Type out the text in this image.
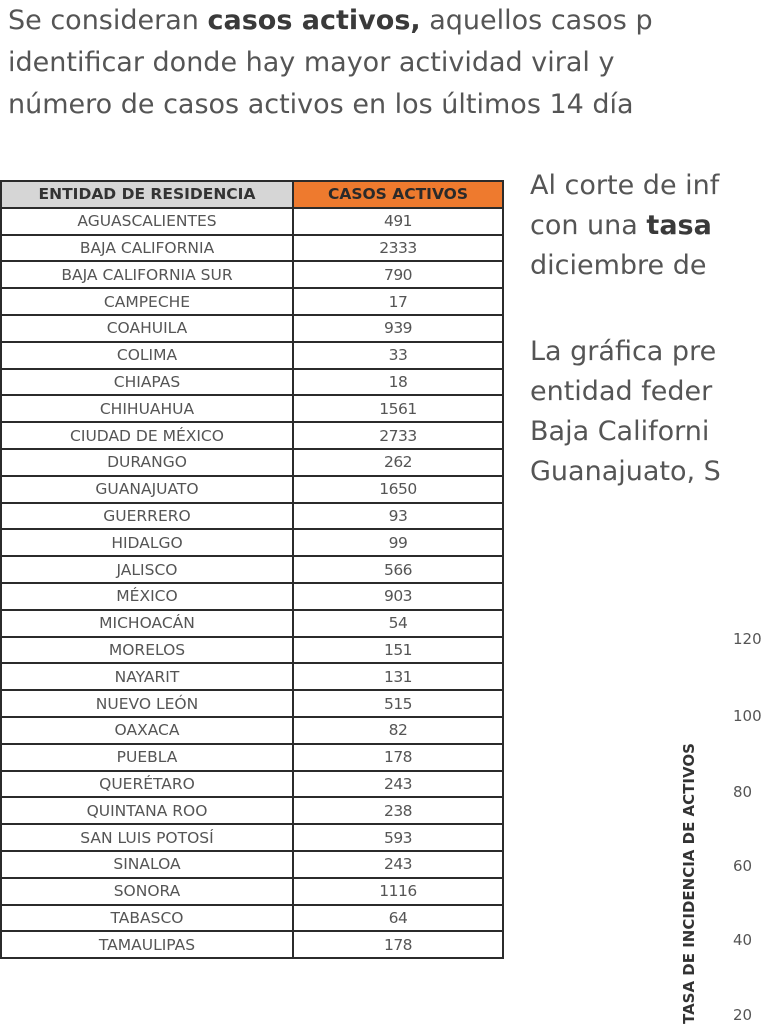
Se consideran casos activos, aquellos casos p
identificar donde hay mayor actividad viral y
número de casos activos en los últimos 14 día
ENTIDAD DE RESIDENCIA	CASOS ACTIVOS
AGUASCALIENTES	491
BAJA CALIFORNIA	2333
BAJA CALIFORNIA SUR	790
CAMPECHE	17
COAHUILA	939
COLIMA	33
CHIAPAS	18
CHIHUAHUA	1561
CIUDAD DE MÉXICO	2733
DURANGO	262
GUANAJUATO	1650
GUERRERO	93
HIDALGO	99
JALISCO	566
MÉXICO	903
MICHOACÁN	54
MORELOS	151
NAYARIT	131
NUEVO LEÓN	515
OAXACA	82
PUEBLA	178
QUERÉTARO	243
QUINTANA ROO	238
SAN LUIS POTOSÍ	593
SINALOA	243
SONORA	1116
TABASCO	64
TAMAULIPAS	178
Al corte de inf
con una tasa
diciembre de
La gráfica pre
entidad feder
Baja Californi
Guanajuato, S
TASA DE INCIDENCIA DE ACTIVOS
120
100
80
60
40
20
